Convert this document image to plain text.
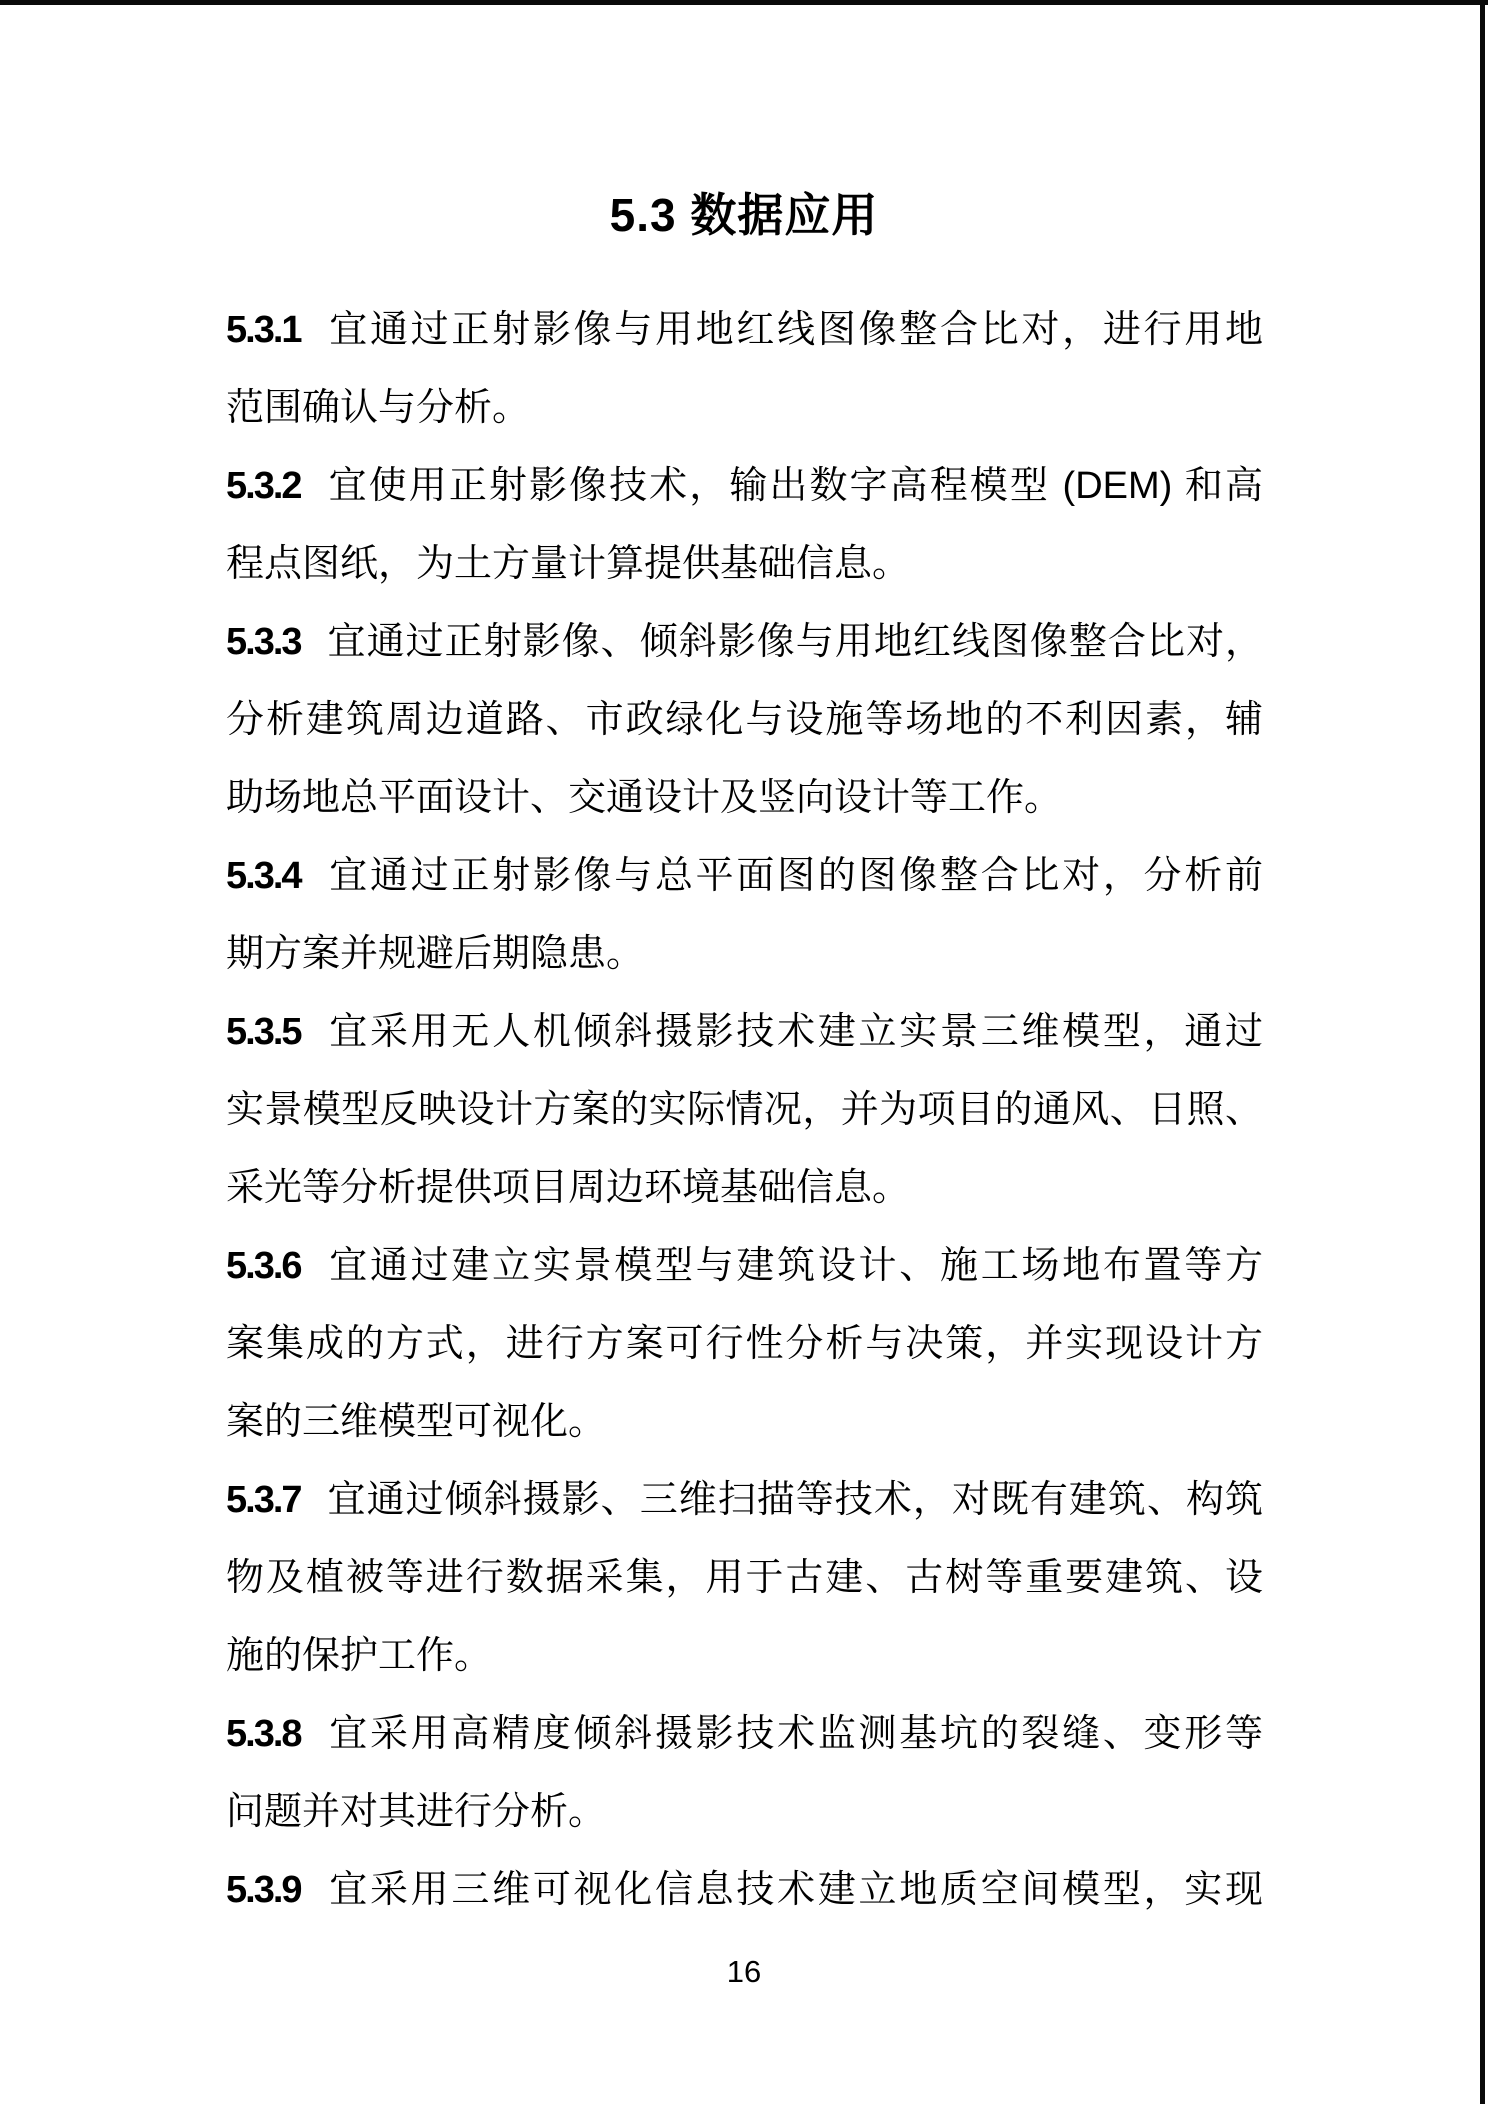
5.3 数据应用
5.3.1 宜通过正射影像与用地红线图像整合比对，进行用地
范围确认与分析。
5.3.2 宜使用正射影像技术，输出数字高程模型 (DEM) 和高
程点图纸，为土方量计算提供基础信息。
5.3.3 宜通过正射影像、倾斜影像与用地红线图像整合比对，
分析建筑周边道路、市政绿化与设施等场地的不利因素，辅
助场地总平面设计、交通设计及竖向设计等工作。
5.3.4 宜通过正射影像与总平面图的图像整合比对，分析前
期方案并规避后期隐患。
5.3.5 宜采用无人机倾斜摄影技术建立实景三维模型，通过
实景模型反映设计方案的实际情况，并为项目的通风、日照、
采光等分析提供项目周边环境基础信息。
5.3.6 宜通过建立实景模型与建筑设计、施工场地布置等方
案集成的方式，进行方案可行性分析与决策，并实现设计方
案的三维模型可视化。
5.3.7 宜通过倾斜摄影、三维扫描等技术，对既有建筑、构筑
物及植被等进行数据采集，用于古建、古树等重要建筑、设
施的保护工作。
5.3.8 宜采用高精度倾斜摄影技术监测基坑的裂缝、变形等
问题并对其进行分析。
5.3.9 宜采用三维可视化信息技术建立地质空间模型，实现
16
